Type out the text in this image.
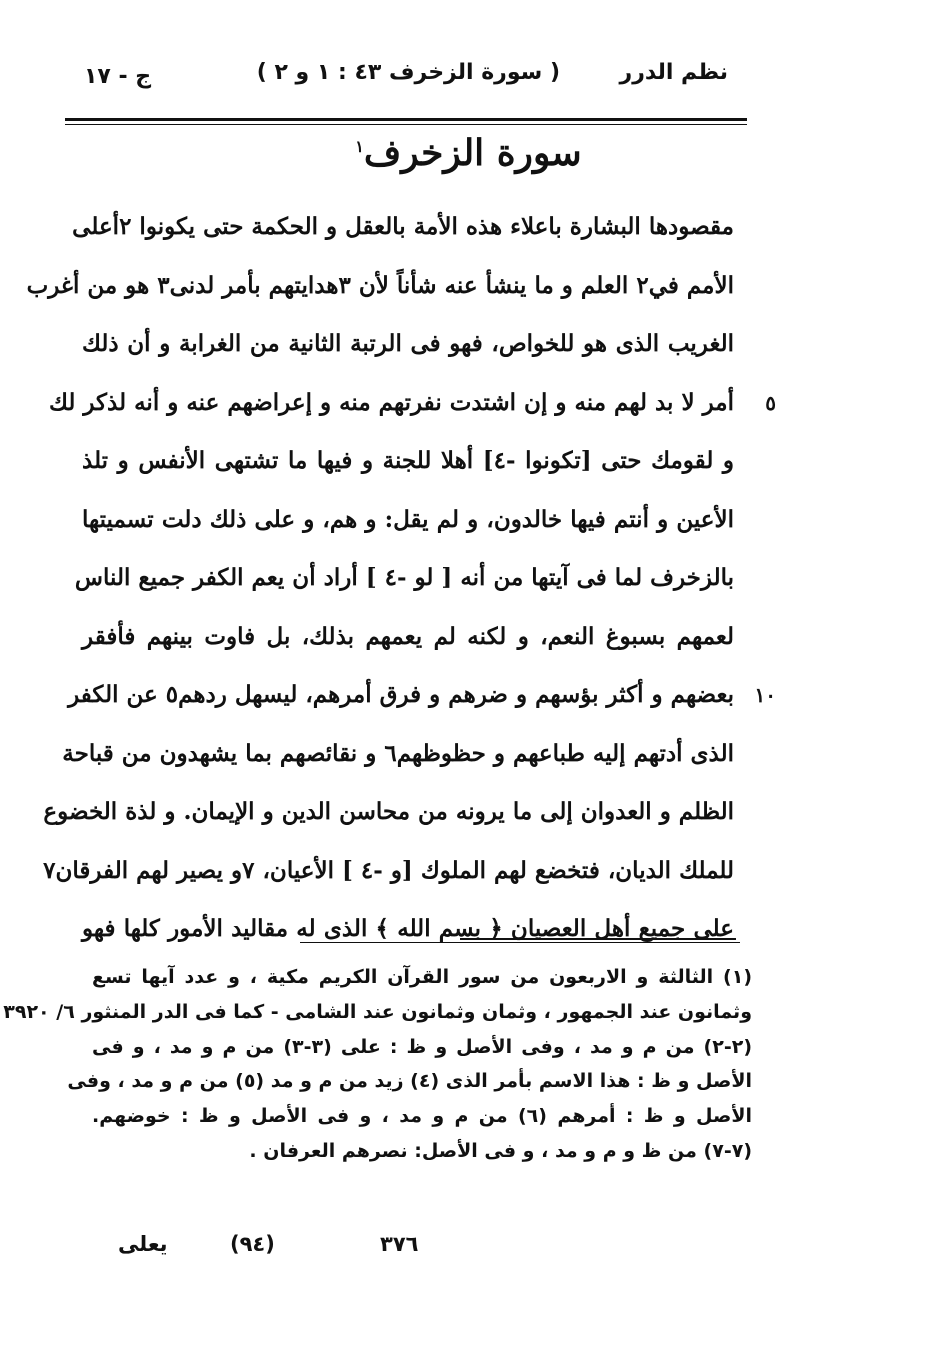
نظم الدرر
( سورة الزخرف ٤٣ : ١ و ٢ )
ج - ١٧
سورة الزخرف$^١$
مقصودها البشارة باعلاء هذه الأمة بالعقل و الحكمة حتى يكونوا ٢أعلى
الأمم في٢ العلم و ما ينشأ عنه شأناً لأن ٣هدايتهم بأمر لدنى٣ هو من أغرب
الغريب الذى هو للخواص، فهو فى الرتبة الثانية من الغرابة و أن ذلك
أمر لا بد لهم منه و إن اشتدت نفرتهم منه و إعراضهم عنه و أنه لذكر لك ٥
و لقومك حتى [تكونوا -٤] أهلا للجنة و فيها ما تشتهى الأنفس و تلذ
الأعين و أنتم فيها خالدون، و لم يقل: و هم، و على ذلك دلت تسميتها
بالزخرف لما فى آيتها من أنه [ لو -٤ ] أراد أن يعم الكفر جميع الناس
لعمهم بسبوغ النعم، و لكنه لم يعمهم بذلك، بل فاوت بينهم فأفقر
بعضهم و أكثر بؤسهم و ضرهم و فرق أمرهم، ليسهل ردهم٥ عن الكفر ١٠
الذى أدتهم إليه طباعهم و حظوظهم٦ و نقائصهم بما يشهدون من قباحة
الظلم و العدوان إلى ما يرونه من محاسن الدين و الإيمان. و لذة الخضوع
للملك الديان، فتخضع لهم الملوك [و -٤ ] الأعيان، ٧و يصير لهم الفرقان٧
على جميع أهل العصيان ﴿ بسم الله ﴾ الذى له مقاليد الأمور كلها فهو
(١) الثالثة و الاربعون من سور القرآن الكريم مكية ، و عدد آيها تسع
وثمانون عند الجمهور ، وثمان وثمانون عند الشامى - كما فى الدر المنثور ٦/ ٣٩٢٠
(٢-٢) من م و مد ، وفى الأصل و ظ : على (٣-٣) من م و مد ، و فى
الأصل و ظ : هذا الاسم بأمر الذى (٤) زيد من م و مد (٥) من م و مد ، وفى
الأصل و ظ : أمرهم (٦) من م و مد ، و فى الأصل و ظ : خوضهم.
(٧-٧) من ظ و م و مد ، و فى الأصل: نصرهم العرفان .
٣٧٦
(٩٤)
يعلى
